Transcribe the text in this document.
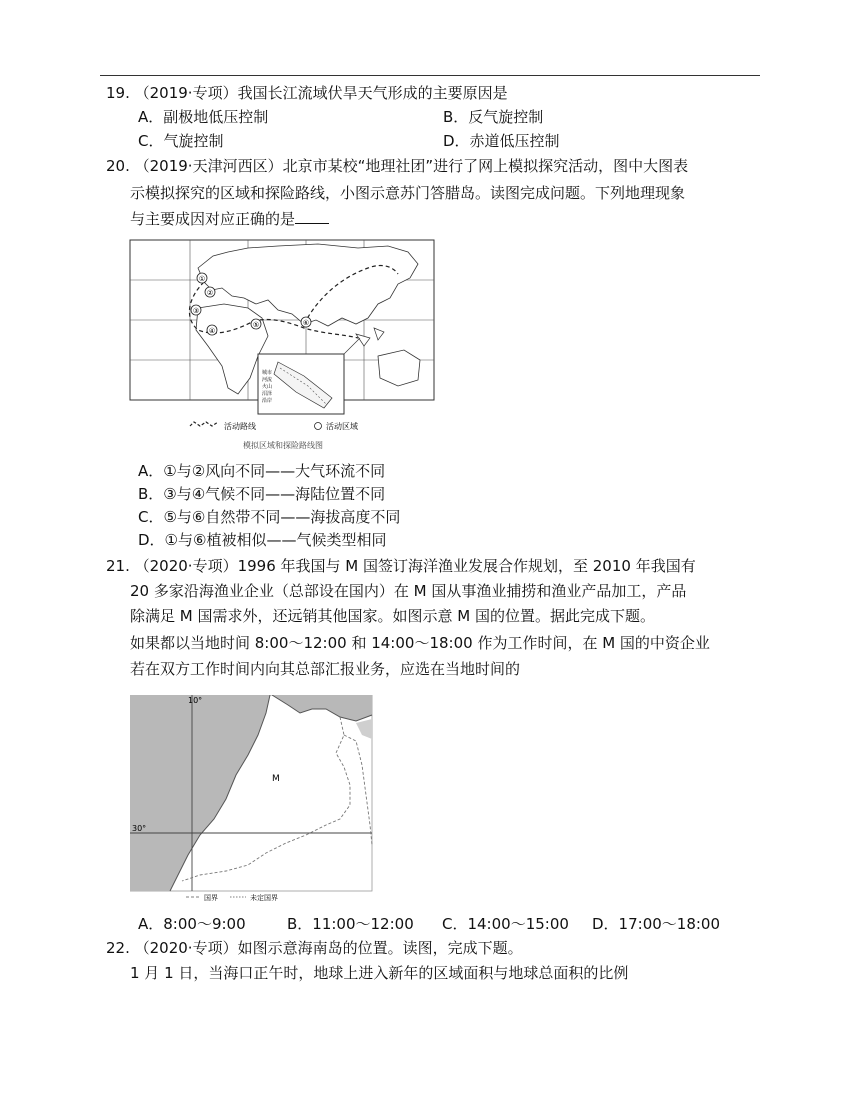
19. （2019·专项）我国长江流域伏旱天气形成的主要原因是
A．副极地低压控制	B．反气旋控制
C．气旋控制	D．赤道低压控制
20. （2019·天津河西区）北京市某校“地理社团”进行了网上模拟探究活动，图中大图表
示模拟探究的区域和探险路线，小图示意苏门答腊岛。读图完成问题。下列地理现象
与主要成因对应正确的是
①
②
③
④
⑤	⑥
城市
河流
火山
沼泽
沿岸
活动路线	活动区域
模拟区域和探险路线图
A．①与②风向不同——大气环流不同
B．③与④气候不同——海陆位置不同
C．⑤与⑥自然带不同——海拔高度不同
D．①与⑥植被相似——气候类型相同
21. （2020·专项）1996 年我国与 M 国签订海洋渔业发展合作规划，至 2010 年我国有
20 多家沿海渔业企业（总部设在国内）在 M 国从事渔业捕捞和渔业产品加工，产品
除满足 M 国需求外，还远销其他国家。如图示意 M 国的位置。据此完成下题。
如果都以当地时间 8:00～12:00 和 14:00～18:00 作为工作时间，在 M 国的中资企业
若在双方工作时间内向其总部汇报业务，应选在当地时间的
10°
30°
M
国界	未定国界
A．8:00～9:00	B．11:00～12:00 C．14:00～15:00 D．17:00～18:00
22. （2020·专项）如图示意海南岛的位置。读图，完成下题。
1 月 1 日，当海口正午时，地球上进入新年的区域面积与地球总面积的比例
